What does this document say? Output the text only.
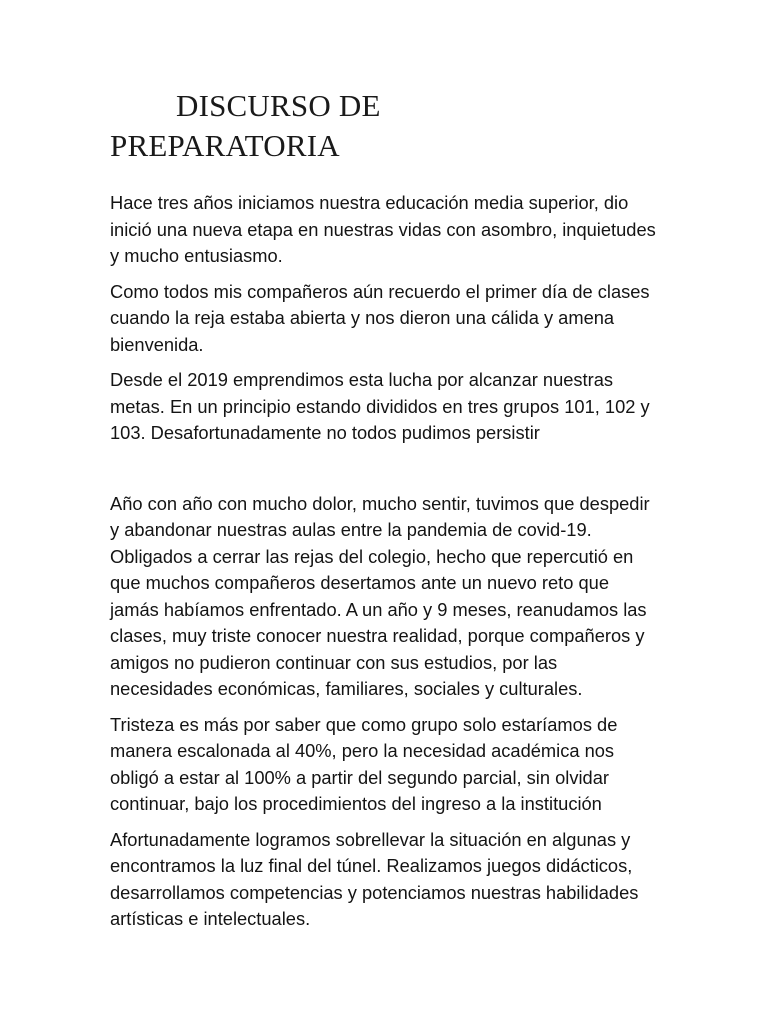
DISCURSO DE
PREPARATORIA

Hace tres años iniciamos nuestra educación media superior, dio inició una nueva etapa en nuestras vidas con asombro, inquietudes y mucho entusiasmo.

Como todos mis compañeros aún recuerdo el primer día de clases cuando la reja estaba abierta y nos dieron una cálida y amena bienvenida.

Desde el 2019 emprendimos esta lucha por alcanzar nuestras metas. En un principio estando divididos en tres grupos 101, 102 y 103. Desafortunadamente no todos pudimos persistir

Año con año con mucho dolor, mucho sentir, tuvimos que despedir y abandonar nuestras aulas entre la pandemia de covid-19. Obligados a cerrar las rejas del colegio, hecho que repercutió en que muchos compañeros desertamos ante un nuevo reto que jamás habíamos enfrentado. A un año y 9 meses, reanudamos las clases, muy triste conocer nuestra realidad, porque compañeros y amigos no pudieron continuar con sus estudios, por las necesidades económicas, familiares, sociales y culturales.

Tristeza es más por saber que como grupo solo estaríamos de manera escalonada al 40%, pero la necesidad académica nos obligó a estar al 100% a partir del segundo parcial, sin olvidar continuar, bajo los procedimientos del ingreso a la institución

Afortunadamente logramos sobrellevar la situación en algunas y encontramos la luz final del túnel. Realizamos juegos didácticos, desarrollamos competencias y potenciamos nuestras habilidades artísticas e intelectuales.
